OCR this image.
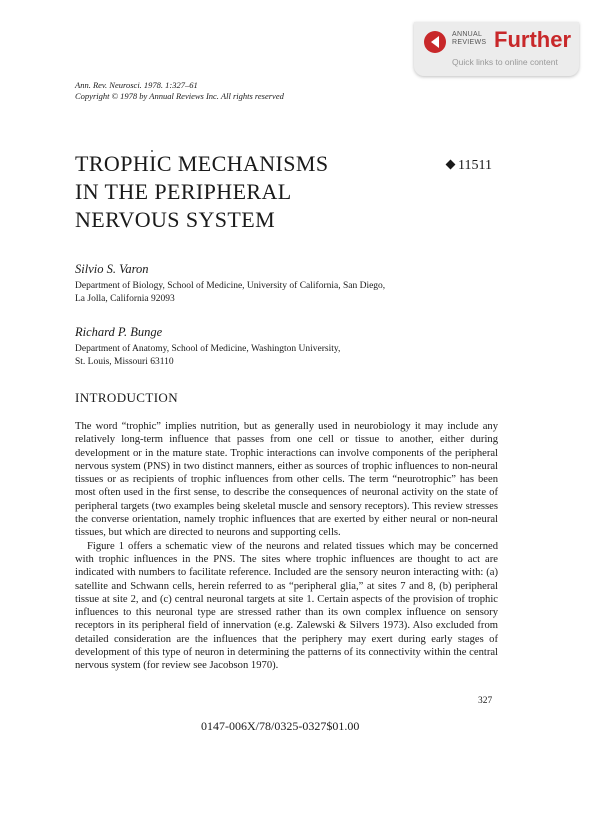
ANNUAL
REVIEWS Further
Quick links to online content
Ann. Rev. Neurosci. 1978. 1:327–61
Copyright © 1978 by Annual Reviews Inc. All rights reserved
TROPHIC MECHANISMS
IN THE PERIPHERAL
NERVOUS SYSTEM
11511
Silvio S. Varon
Department of Biology, School of Medicine, University of California, San Diego,
La Jolla, California 92093
Richard P. Bunge
Department of Anatomy, School of Medicine, Washington University,
St. Louis, Missouri 63110
INTRODUCTION

The word “trophic” implies nutrition, but as generally used in neurobiology it may include any relatively long-term influence that passes from one cell or tissue to another, either during development or in the mature state. Trophic interactions can involve components of the peripheral nervous system (PNS) in two distinct manners, either as sources of trophic influences to non-neural tissues or as recipients of trophic influences from other cells. The term “neurotrophic” has been most often used in the first sense, to describe the consequences of neuronal activity on the state of peripheral targets (two examples being skeletal muscle and sensory receptors). This review stresses the converse orientation, namely trophic influences that are exerted by either neural or non-neural tissues, but which are directed to neurons and supporting cells.

Figure 1 offers a schematic view of the neurons and related tissues which may be concerned with trophic influences in the PNS. The sites where trophic influences are thought to act are indicated with numbers to facilitate reference. Included are the sensory neuron interacting with: (a) satellite and Schwann cells, herein referred to as “peripheral glia,” at sites 7 and 8, (b) peripheral tissue at site 2, and (c) central neuronal targets at site 1. Certain aspects of the provision of trophic influences to this neuronal type are stressed rather than its own complex influence on sensory receptors in its peripheral field of innervation (e.g. Zalewski & Silvers 1973). Also excluded from detailed consideration are the influences that the periphery may exert during early stages of development of this type of neuron in determining the patterns of its connectivity within the central nervous system (for review see Jacobson 1970).

327
0147-006X/78/0325-0327$01.00
